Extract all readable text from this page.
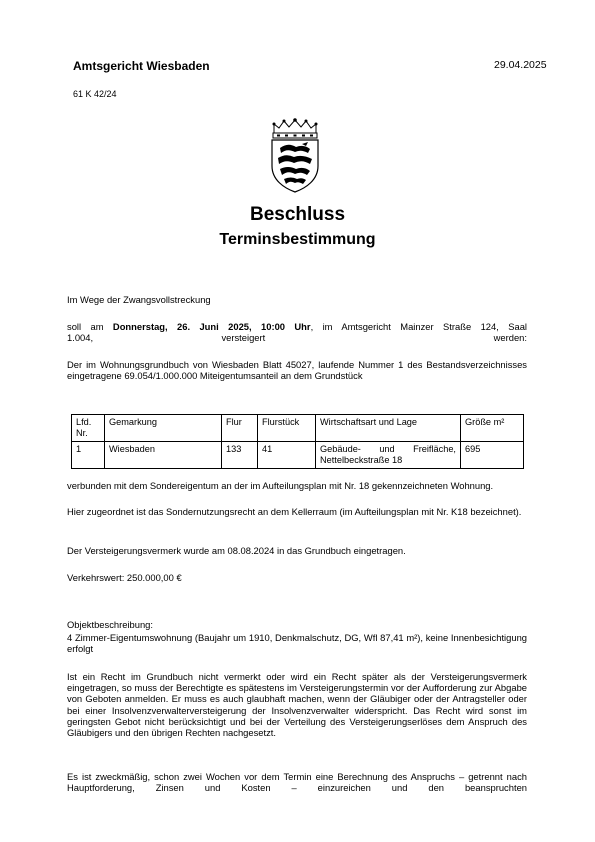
Amtsgericht Wiesbaden	29.04.2025
61 K 42/24
Beschluss
Terminsbestimmung
Im Wege der Zwangsvollstreckung
soll am Donnerstag, 26. Juni 2025, 10:00 Uhr, im Amtsgericht Mainzer Straße 124, Saal
1.004,	versteigert	werden:
Der im Wohnungsgrundbuch von Wiesbaden Blatt 45027, laufende Nummer 1 des Bestandsverzeichnisses eingetragene 69.054/1.000.000 Miteigentumsanteil an dem Grundstück
Lfd. Nr.	Gemarkung	Flur	Flurstück	Wirtschaftsart und Lage	Größe m²
1	Wiesbaden	133	41	Gebäude- und Freifläche, Nettelbeckstraße 18	695
verbunden mit dem Sondereigentum an der im Aufteilungsplan mit Nr. 18 gekennzeichneten Wohnung.
Hier zugeordnet ist das Sondernutzungsrecht an dem Kellerraum (im Aufteilungsplan mit Nr. K18 bezeichnet).
Der Versteigerungsvermerk wurde am 08.08.2024 in das Grundbuch eingetragen.
Verkehrswert: 250.000,00 €
Objektbeschreibung:
4 Zimmer-Eigentumswohnung (Baujahr um 1910, Denkmalschutz, DG, Wfl 87,41 m²), keine Innenbesichtigung erfolgt
Ist ein Recht im Grundbuch nicht vermerkt oder wird ein Recht später als der Versteigerungsvermerk eingetragen, so muss der Berechtigte es spätestens im Versteigerungstermin vor der Aufforderung zur Abgabe von Geboten anmelden. Er muss es auch glaubhaft machen, wenn der Gläubiger oder der Antragsteller oder bei einer Insolvenzverwalterversteigerung der Insolvenzverwalter widerspricht. Das Recht wird sonst im geringsten Gebot nicht berücksichtigt und bei der Verteilung des Versteigerungserlöses dem Anspruch des Gläubigers und den übrigen Rechten nachgesetzt.
Es ist zweckmäßig, schon zwei Wochen vor dem Termin eine Berechnung des Anspruchs – getrennt nach Hauptforderung, Zinsen und Kosten – einzureichen und den beanspruchten
